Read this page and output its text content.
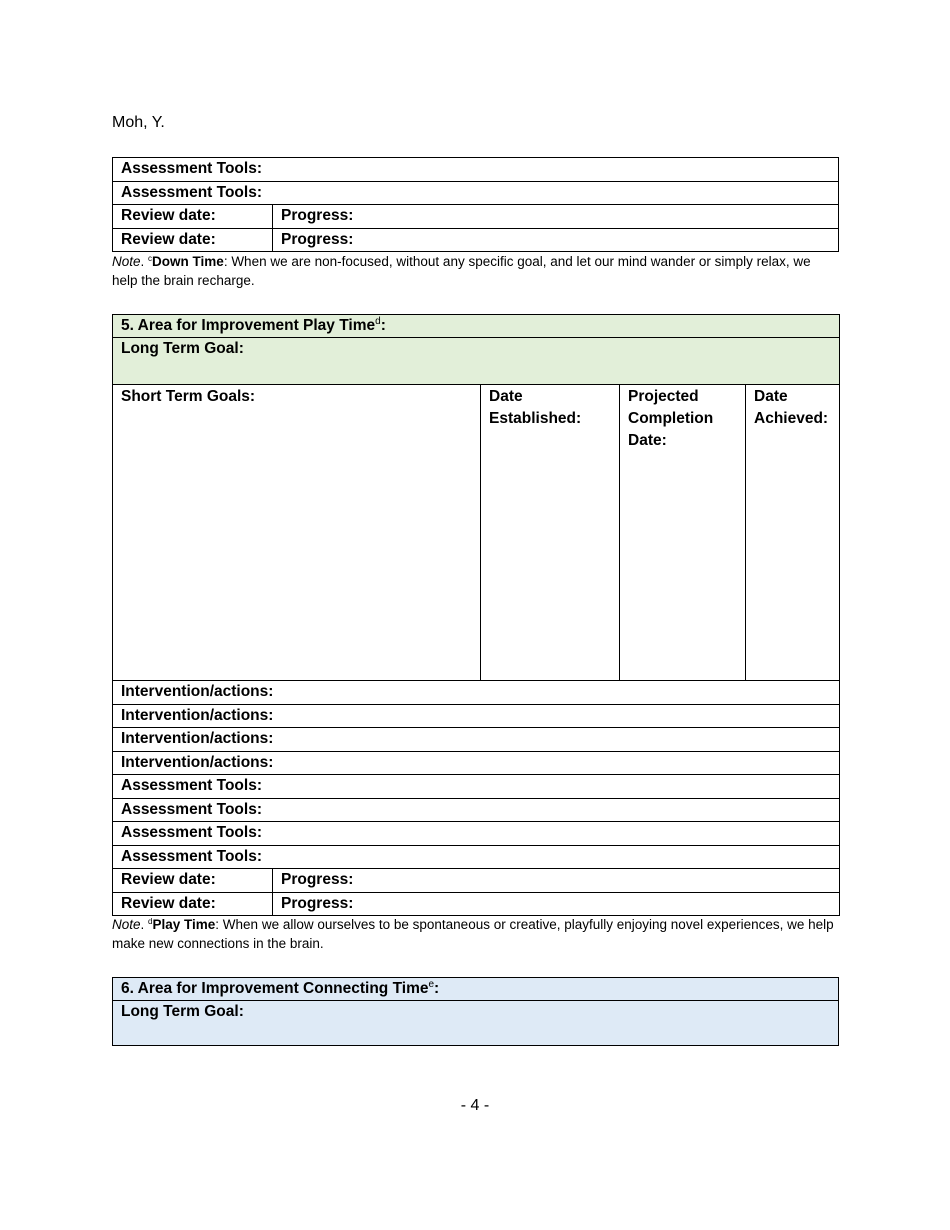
Moh, Y.
Assessment Tools:	
Assessment Tools:	
Review date:	Progress:
Review date:	Progress:
Note. $^c$Down Time: When we are non-focused, without any specific goal, and let our mind wander or simply relax, we help the brain recharge.
5. Area for Improvement Play Time$^d$:				
Long Term Goal:				
Short Term Goals:		Date Established:	Projected Completion Date:	Date Achieved:
Intervention/actions:				
Intervention/actions:				
Intervention/actions:				
Intervention/actions:				
Assessment Tools:				
Assessment Tools:				
Assessment Tools:				
Assessment Tools:				
Review date:	Progress:			
Review date:	Progress:			
Note. $^d$Play Time: When we allow ourselves to be spontaneous or creative, playfully enjoying novel experiences, we help make new connections in the brain.
6. Area for Improvement Connecting Time$^e$:
Long Term Goal:
- 4 -
